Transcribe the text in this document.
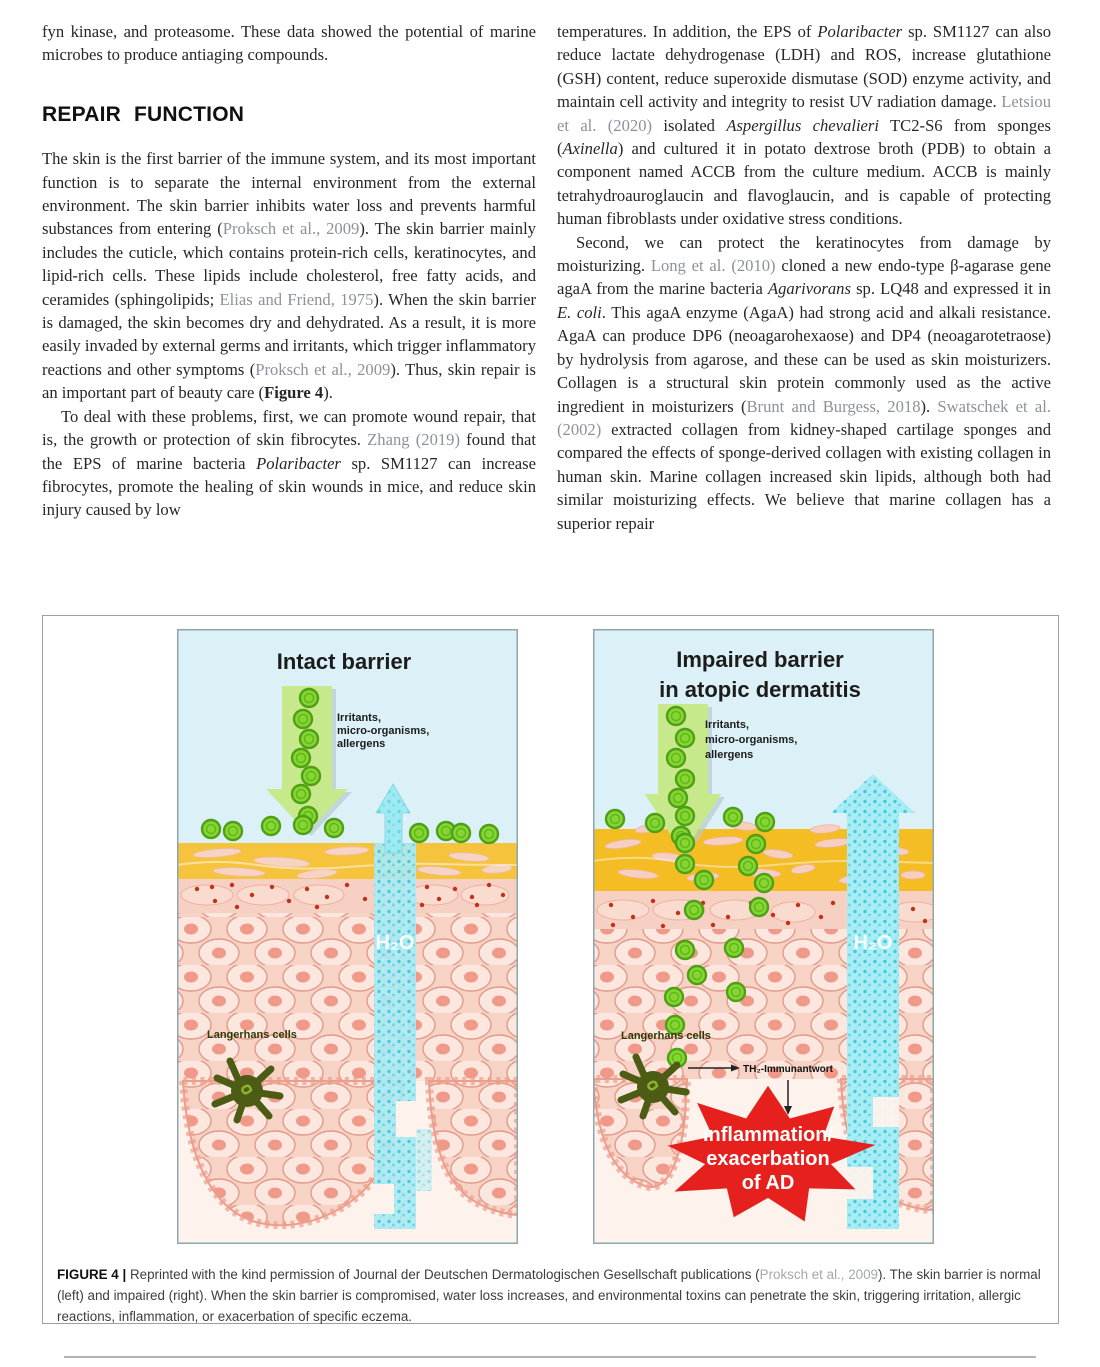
fyn kinase, and proteasome. These data showed the potential of marine microbes to produce antiaging compounds.

REPAIR FUNCTION

The skin is the first barrier of the immune system, and its most important function is to separate the internal environment from the external environment. The skin barrier inhibits water loss and prevents harmful substances from entering (Proksch et al., 2009). The skin barrier mainly includes the cuticle, which contains protein-rich cells, keratinocytes, and lipid-rich cells. These lipids include cholesterol, free fatty acids, and ceramides (sphingolipids; Elias and Friend, 1975). When the skin barrier is damaged, the skin becomes dry and dehydrated. As a result, it is more easily invaded by external germs and irritants, which trigger inflammatory reactions and other symptoms (Proksch et al., 2009). Thus, skin repair is an important part of beauty care (Figure 4).

To deal with these problems, first, we can promote wound repair, that is, the growth or protection of skin fibrocytes. Zhang (2019) found that the EPS of marine bacteria Polaribacter sp. SM1127 can increase fibrocytes, promote the healing of skin wounds in mice, and reduce skin injury caused by low

temperatures. In addition, the EPS of Polaribacter sp. SM1127 can also reduce lactate dehydrogenase (LDH) and ROS, increase glutathione (GSH) content, reduce superoxide dismutase (SOD) enzyme activity, and maintain cell activity and integrity to resist UV radiation damage. Letsiou et al. (2020) isolated Aspergillus chevalieri TC2-S6 from sponges (Axinella) and cultured it in potato dextrose broth (PDB) to obtain a component named ACCB from the culture medium. ACCB is mainly tetrahydroauroglaucin and flavoglaucin, and is capable of protecting human fibroblasts under oxidative stress conditions.

Second, we can protect the keratinocytes from damage by moisturizing. Long et al. (2010) cloned a new endo-type β-agarase gene agaA from the marine bacteria Agarivorans sp. LQ48 and expressed it in E. coli. This agaA enzyme (AgaA) had strong acid and alkali resistance. AgaA can produce DP6 (neoagarohexaose) and DP4 (neoagarotetraose) by hydrolysis from agarose, and these can be used as skin moisturizers. Collagen is a structural skin protein commonly used as the active ingredient in moisturizers (Brunt and Burgess, 2018). Swatschek et al. (2002) extracted collagen from kidney-shaped cartilage sponges and compared the effects of sponge-derived collagen with existing collagen in human skin. Marine collagen increased skin lipids, although both had similar moisturizing effects. We believe that marine collagen has a superior repair

H₂O
Irritants,
micro-organisms,
allergens
Langerhans cells
Intact barrier
H₂O
Irritants,
micro-organisms,
allergens
Langerhans cells
TH₂-Immunantwort
Inflammation/
exacerbation
of AD
Impaired barrier
in atopic dermatitis

FIGURE 4 | Reprinted with the kind permission of Journal der Deutschen Dermatologischen Gesellschaft publications (Proksch et al., 2009). The skin barrier is normal (left) and impaired (right). When the skin barrier is compromised, water loss increases, and environmental toxins can penetrate the skin, triggering irritation, allergic reactions, inflammation, or exacerbation of specific eczema.
